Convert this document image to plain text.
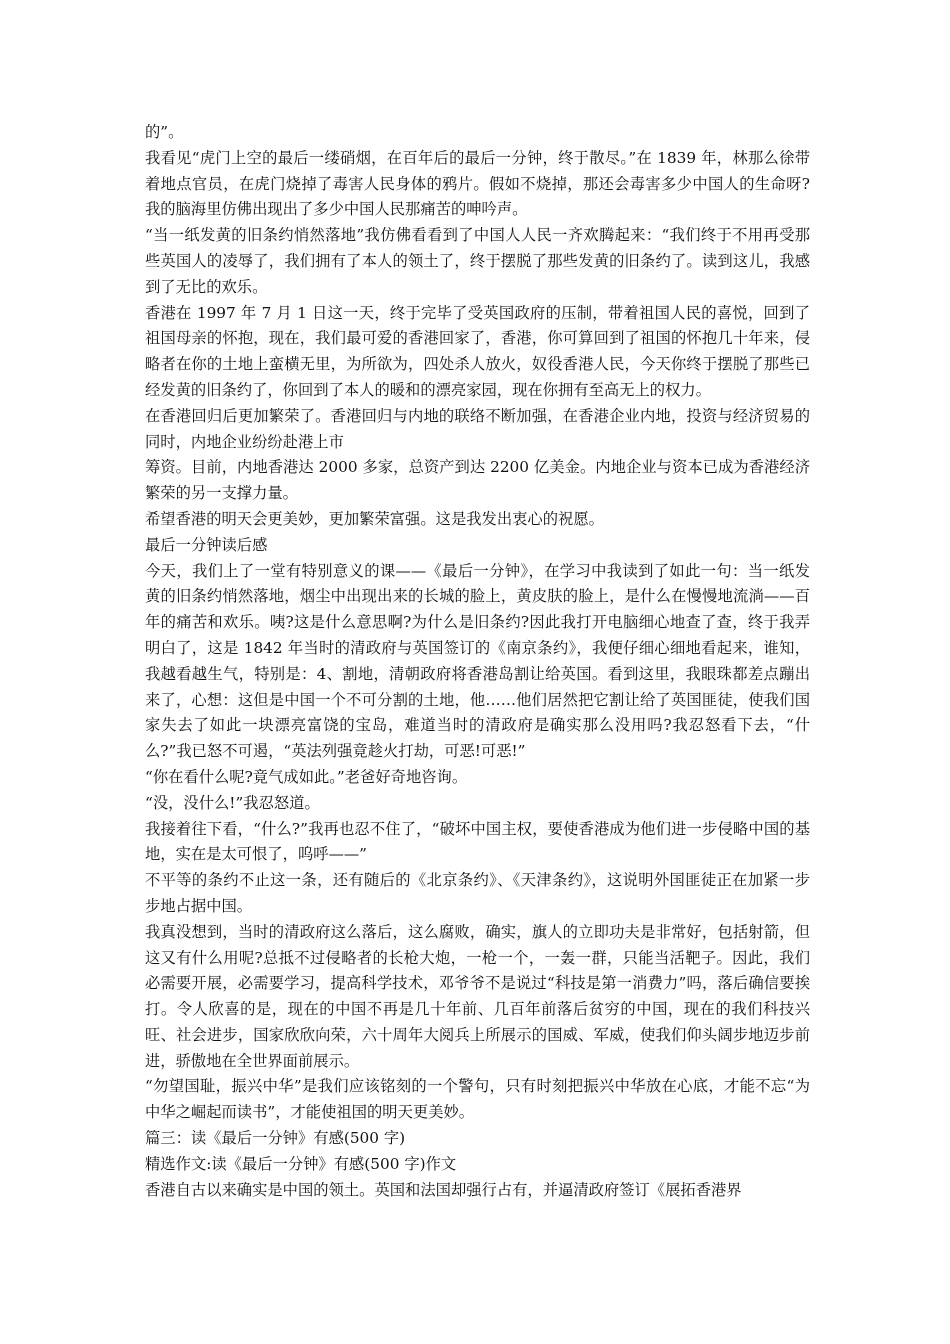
的”。

我看见“虎门上空的最后一缕硝烟，在百年后的最后一分钟，终于散尽。”在 1839 年，林那么徐带着地点官员，在虎门烧掉了毒害人民身体的鸦片。假如不烧掉，那还会毒害多少中国人的生命呀?我的脑海里仿佛出现出了多少中国人民那痛苦的呻吟声。

“当一纸发黄的旧条约悄然落地”我仿佛看看到了中国人人民一齐欢腾起来：“我们终于不用再受那些英国人的凌辱了，我们拥有了本人的领土了，终于摆脱了那些发黄的旧条约了。读到这儿，我感到了无比的欢乐。

香港在 1997 年 7 月 1 日这一天，终于完毕了受英国政府的压制，带着祖国人民的喜悦，回到了祖国母亲的怀抱，现在，我们最可爱的香港回家了，香港，你可算回到了祖国的怀抱几十年来，侵略者在你的土地上蛮横无里，为所欲为，四处杀人放火，奴役香港人民，今天你终于摆脱了那些已经发黄的旧条约了，你回到了本人的暖和的漂亮家园，现在你拥有至高无上的权力。

在香港回归后更加繁荣了。香港回归与内地的联络不断加强，在香港企业内地，投资与经济贸易的同时，内地企业纷纷赴港上市

筹资。目前，内地香港达 2000 多家，总资产到达 2200 亿美金。内地企业与资本已成为香港经济繁荣的另一支撑力量。

希望香港的明天会更美妙，更加繁荣富强。这是我发出衷心的祝愿。

最后一分钟读后感

今天，我们上了一堂有特别意义的课——《最后一分钟》，在学习中我读到了如此一句：当一纸发黄的旧条约悄然落地，烟尘中出现出来的长城的脸上，黄皮肤的脸上，是什么在慢慢地流淌——百年的痛苦和欢乐。咦?这是什么意思啊?为什么是旧条约?因此我打开电脑细心地查了查，终于我弄明白了，这是 1842 年当时的清政府与英国签订的《南京条约》，我便仔细心细地看起来，谁知，我越看越生气，特别是：4、割地，清朝政府将香港岛割让给英国。看到这里，我眼珠都差点蹦出来了，心想：这但是中国一个不可分割的土地，他……他们居然把它割让给了英国匪徒，使我们国家失去了如此一块漂亮富饶的宝岛，难道当时的清政府是确实那么没用吗?我忍怒看下去，“什么?”我已怒不可遏，“英法列强竟趁火打劫，可恶!可恶!”

“你在看什么呢?竟气成如此。”老爸好奇地咨询。

“没，没什么!”我忍怒道。

我接着往下看，“什么?”我再也忍不住了，“破坏中国主权，要使香港成为他们进一步侵略中国的基地，实在是太可恨了，呜呼——”

不平等的条约不止这一条，还有随后的《北京条约》、《天津条约》，这说明外国匪徒正在加紧一步步地占据中国。

我真没想到，当时的清政府这么落后，这么腐败，确实，旗人的立即功夫是非常好，包括射箭，但这又有什么用呢?总抵不过侵略者的长枪大炮，一枪一个，一轰一群，只能当活靶子。因此，我们必需要开展，必需要学习，提高科学技术，邓爷爷不是说过“科技是第一消费力”吗，落后确信要挨打。令人欣喜的是，现在的中国不再是几十年前、几百年前落后贫穷的中国，现在的我们科技兴旺、社会进步，国家欣欣向荣，六十周年大阅兵上所展示的国威、军威，使我们仰头阔步地迈步前进，骄傲地在全世界面前展示。

“勿望国耻，振兴中华”是我们应该铭刻的一个警句，只有时刻把振兴中华放在心底，才能不忘“为中华之崛起而读书”，才能使祖国的明天更美妙。

篇三：读《最后一分钟》有感(500 字)

精选作文:读《最后一分钟》有感(500 字)作文

香港自古以来确实是中国的领土。英国和法国却强行占有，并逼清政府签订《展拓香港界
